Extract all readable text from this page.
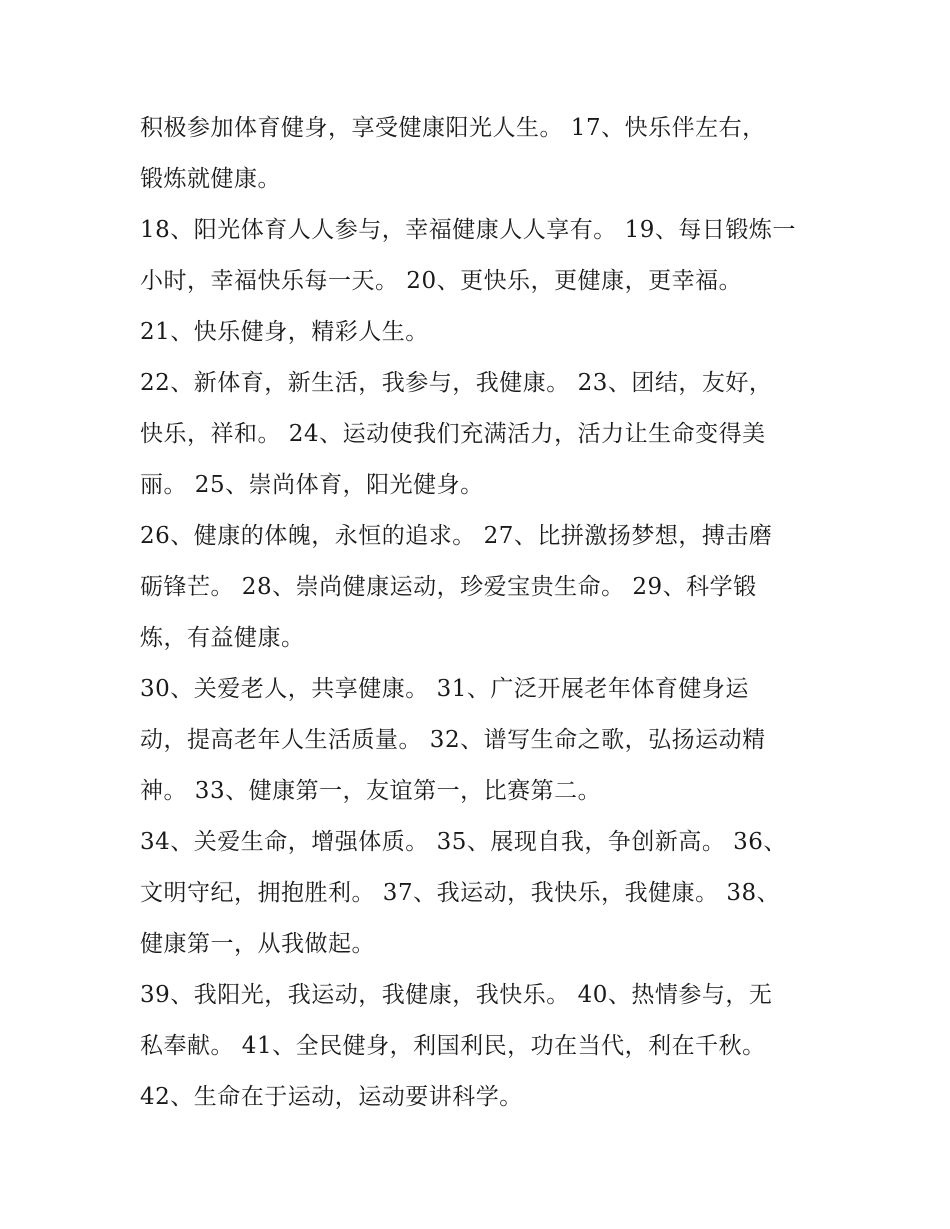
积极参加体育健身，享受健康阳光人生。 17、快乐伴左右，
锻炼就健康。
18、阳光体育人人参与，幸福健康人人享有。 19、每日锻炼一
小时，幸福快乐每一天。 20、更快乐，更健康，更幸福。
21、快乐健身，精彩人生。
22、新体育，新生活，我参与，我健康。 23、团结，友好，
快乐，祥和。 24、运动使我们充满活力，活力让生命变得美
丽。 25、崇尚体育，阳光健身。
26、健康的体魄，永恒的追求。 27、比拼激扬梦想，搏击磨
砺锋芒。 28、崇尚健康运动，珍爱宝贵生命。 29、科学锻
炼，有益健康。
30、关爱老人，共享健康。 31、广泛开展老年体育健身运
动，提高老年人生活质量。 32、谱写生命之歌，弘扬运动精
神。 33、健康第一，友谊第一，比赛第二。
34、关爱生命，增强体质。 35、展现自我，争创新高。 36、
文明守纪，拥抱胜利。 37、我运动，我快乐，我健康。 38、
健康第一，从我做起。
39、我阳光，我运动，我健康，我快乐。 40、热情参与，无
私奉献。 41、全民健身，利国利民，功在当代，利在千秋。
42、生命在于运动，运动要讲科学。
